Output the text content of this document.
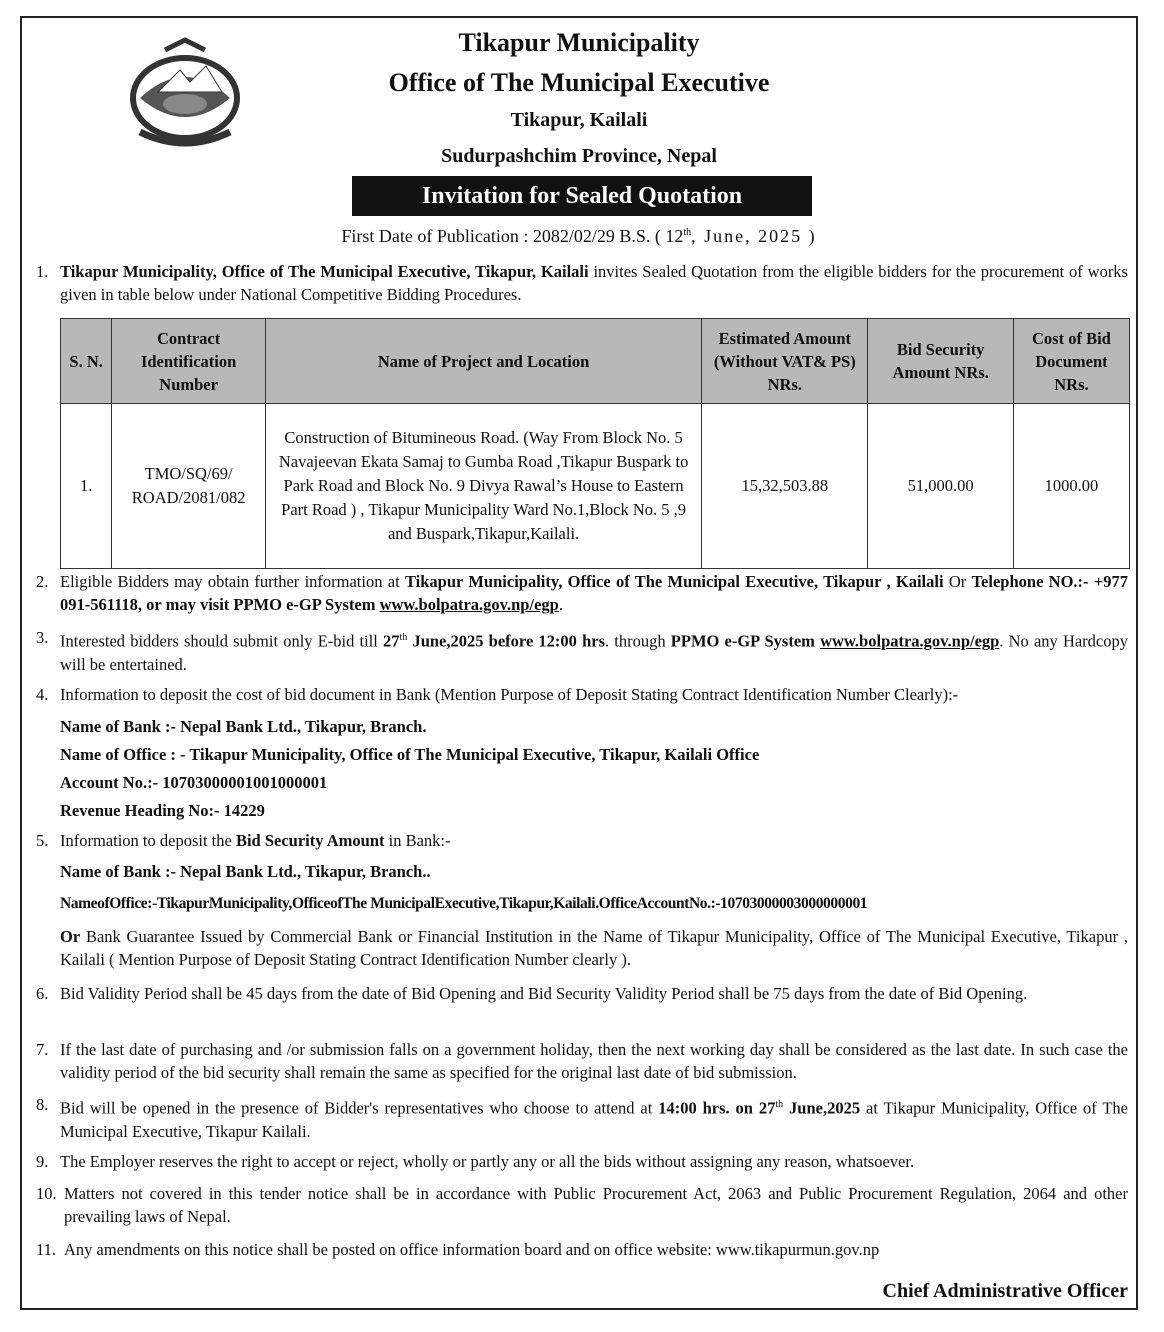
Tikapur Municipality
Office of The Municipal Executive
Tikapur, Kailali
Sudurpashchim Province, Nepal
Invitation for Sealed Quotation
First Date of Publication : 2082/02/29 B.S. ( 12th, June, 2025 )
1. Tikapur Municipality, Office of The Municipal Executive, Tikapur, Kailali invites Sealed Quotation from the eligible bidders for the procurement of works given in table below under National Competitive Bidding Procedures.
S. N.	Contract Identification Number	Name of Project and Location	Estimated Amount (Without VAT& PS) NRs.	Bid Security Amount NRs.	Cost of Bid Document NRs.
1.	TMO/SQ/69/ ROAD/2081/082	Construction of Bitumineous Road. (Way From Block No. 5 Navajeevan Ekata Samaj to Gumba Road ,Tikapur Buspark to Park Road and Block No. 9 Divya Rawal’s House to Eastern Part Road ) , Tikapur Municipality Ward No.1,Block No. 5 ,9 and Buspark,Tikapur,Kailali.	15,32,503.88	51,000.00	1000.00
2. Eligible Bidders may obtain further information at Tikapur Municipality, Office of The Municipal Executive, Tikapur , Kailali Or Telephone NO.:- +977 091-561118, or may visit PPMO e-GP System www.bolpatra.gov.np/egp.
3. Interested bidders should submit only E-bid till 27th June,2025 before 12:00 hrs. through PPMO e-GP System www.bolpatra.gov.np/egp. No any Hardcopy will be entertained.
4. Information to deposit the cost of bid document in Bank (Mention Purpose of Deposit Stating Contract Identification Number Clearly):-
Name of Bank :- Nepal Bank Ltd., Tikapur, Branch.
Name of Office : - Tikapur Municipality, Office of The Municipal Executive, Tikapur, Kailali Office
Account No.:- 10703000001001000001
Revenue Heading No:- 14229
5. Information to deposit the Bid Security Amount in Bank:-
Name of Bank :- Nepal Bank Ltd., Tikapur, Branch..
NameofOffice:-TikapurMunicipality,OfficeofThe MunicipalExecutive,Tikapur,Kailali.OfficeAccountNo.:-10703000003000000001
Or Bank Guarantee Issued by Commercial Bank or Financial Institution in the Name of Tikapur Municipality, Office of The Municipal Executive, Tikapur , Kailali ( Mention Purpose of Deposit Stating Contract Identification Number clearly ).
6. Bid Validity Period shall be 45 days from the date of Bid Opening and Bid Security Validity Period shall be 75 days from the date of Bid Opening.
7. If the last date of purchasing and /or submission falls on a government holiday, then the next working day shall be considered as the last date. In such case the validity period of the bid security shall remain the same as specified for the original last date of bid submission.
8. Bid will be opened in the presence of Bidder's representatives who choose to attend at 14:00 hrs. on 27th June,2025 at Tikapur Municipality, Office of The Municipal Executive, Tikapur Kailali.
9. The Employer reserves the right to accept or reject, wholly or partly any or all the bids without assigning any reason, whatsoever.
10. Matters not covered in this tender notice shall be in accordance with Public Procurement Act, 2063 and Public Procurement Regulation, 2064 and other prevailing laws of Nepal.
11. Any amendments on this notice shall be posted on office information board and on office website: www.tikapurmun.gov.np
Chief Administrative Officer
